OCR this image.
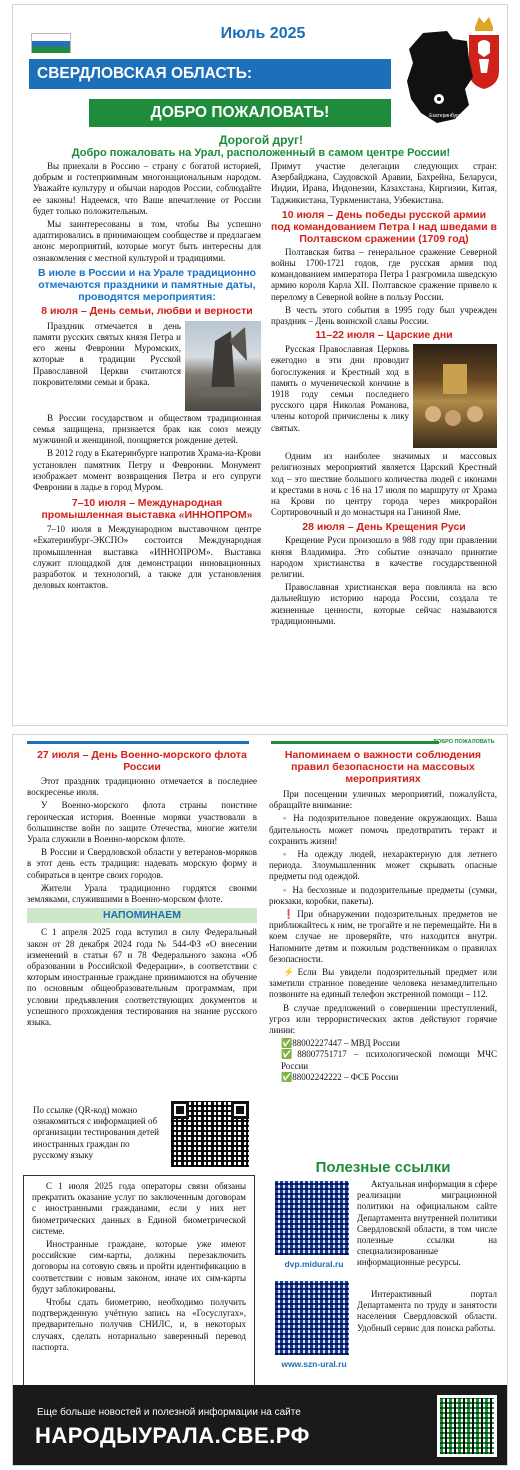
Июль 2025
Екатеринбург
СВЕРДЛОВСКАЯ ОБЛАСТЬ:
ДОБРО ПОЖАЛОВАТЬ!
Дорогой друг!
Добро пожаловать на Урал, расположенный в самом центре России!

Вы приехали в Россию – страну с богатой историей, добрым и гостеприимным многонациональным народом. Уважайте культуру и обычаи народов России, соблюдайте ее законы! Надеемся, что Ваше впечатление от России будет только положительным.

Мы заинтересованы в том, чтобы Вы успешно адаптировались в принимающем сообществе и предлагаем анонс мероприятий, которые могут быть интересны для ознакомления с местной культурой и традициями.

В июле в России и на Урале традиционно отмечаются праздники и памятные даты, проводятся мероприятия:
8 июля – День семьи, любви и верности
Праздник отмечается в день памяти русских святых князя Петра и его жены Февронии Муромских, которые в традиции Русской Православной Церкви считаются покровителями семьи и брака.

В России государством и обществом традиционная семья защищена, признается брак как союз между мужчиной и женщиной, поощряется рождение детей.

В 2012 году в Екатеринбурге напротив Храма-на-Крови установлен памятник Петру и Февронии. Монумент изображает момент возвращения Петра и его супруги Февронии в ладье в город Муром.

7–10 июля – Международная промышленная выставка «ИННОПРОМ»

7–10 июля в Международном выставочном центре «Екатеринбург-ЭКСПО» состоится Международная промышленная выставка «ИННОПРОМ». Выставка служит площадкой для демонстрации инновационных разработок и технологий, а также для установления деловых контактов.

Примут участие делегации следующих стран: Азербайджана, Саудовской Аравии, Бахрейна, Беларуси, Индии, Ирана, Индонезии, Казахстана, Киргизии, Китая, Таджикистана, Туркменистана, Узбекистана.

10 июля – День победы русской армии под командованием Петра I над шведами в Полтавском сражении (1709 год)

Полтавская битва – генеральное сражение Северной войны 1700-1721 годов, где русская армия под командованием императора Петра I разгромила шведскую армию короля Карла XII. Полтавское сражение привело к перелому в Северной войне в пользу России.

В честь этого события в 1995 году был учрежден праздник – День воинской славы России.

11–22 июля – Царские дни
Русская Православная Церковь ежегодно в эти дни проводит богослужения и Крестный ход в память о мученической кончине в 1918 году семьи последнего русского царя Николая Романова, члены которой причислены к лику святых.

Одним из наиболее значимых и массовых религиозных мероприятий является Царский Крестный ход – это шествие большого количества людей с иконами и крестами в ночь с 16 на 17 июля по маршруту от Храма на Крови по центру города через микрорайон Сортировочный и до монастыря на Ганиной Яме.

28 июля – День Крещения Руси

Крещение Руси произошло в 988 году при правлении князя Владимира. Это событие означало принятие народом христианства в качестве государственной религии.

Православная христианская вера повлияла на всю дальнейшую историю народа России, создала те жизненные ценности, которые сейчас называются традиционными.

ДОБРО ПОЖАЛОВАТЬ
27 июля – День Военно-морского флота России

Этот праздник традиционно отмечается в последнее воскресенье июля.

У Военно-морского флота страны поистине героическая история. Военные моряки участвовали в большинстве войн по защите Отечества, многие жители Урала служили в Военно-морском флоте.

В России и Свердловской области у ветеранов-моряков в этот день есть традиция: надевать морскую форму и собираться в центре своих городов.

Жители Урала традиционно гордятся своими земляками, служившими в Военно-морском флоте.

НАПОМИНАЕМ

С 1 апреля 2025 года вступил в силу Федеральный закон от 28 декабря 2024 года № 544-ФЗ «О внесении изменений в статьи 67 и 78 Федерального закона «Об образовании в Российской Федерации», в соответствии с которым иностранные граждане принимаются на обучение по основным общеобразовательным программам, при условии предъявления соответствующих документов и успешного прохождения тестирования на знание русского языка.

По ссылке (QR-код) можно ознакомиться с информацией об организации тестирования детей иностранных граждан по русскому языку

С 1 июля 2025 года операторы связи обязаны прекратить оказание услуг по заключенным договорам с иностранными гражданами, если у них нет биометрических данных в Единой биометрической системе.

Иностранные граждане, которые уже имеют российские сим-карты, должны перезаключить договоры на сотовую связь и пройти идентификацию в соответствии с новым законом, иначе их сим-карты будут заблокированы.

Чтобы сдать биометрию, необходимо получить подтвержденную учётную запись на «Госуслугах», предварительно получив СНИЛС, и, в некоторых случаях, сделать нотариально заверенный перевод паспорта.

Напоминаем о важности соблюдения правил безопасности на массовых мероприятиях

При посещении уличных мероприятий, пожалуйста, обращайте внимание:

◦ На подозрительное поведение окружающих. Ваша бдительность может помочь предотвратить теракт и сохранить жизни!

◦ На одежду людей, нехарактерную для летнего периода. Злоумышленник может скрывать опасные предметы под одеждой.

◦ На бесхозные и подозрительные предметы (сумки, рюкзаки, коробки, пакеты).

❗При обнаружении подозрительных предметов не приближайтесь к ним, не трогайте и не перемещайте. Ни в коем случае не проверяйте, что находится внутри. Напомните детям и пожилым родственникам о правилах безопасности.

⚡Если Вы увидели подозрительный предмет или заметили странное поведение человека незамедлительно позвоните на единый телефон экстренной помощи – 112.

В случае предложений о совершении преступлений, угроз или террористических актов действуют горячие линии:

✅88002227447 – МВД России
✅88007751717 – психологической помощи МЧС России
✅88002242222 – ФСБ России
Полезные ссылки
dvp.midural.ru
Актуальная информация в сфере реализации миграционной политики на официальном сайте Департамента внутренней политики Свердловской области, в том числе полезные ссылки на специализированные информационные ресурсы.
www.szn-ural.ru
Интерактивный портал Департамента по труду и занятости населения Свердловской области. Удобный сервис для поиска работы.
Еще больше новостей и полезной информации на сайте
НАРОДЫУРАЛА.СВЕ.РФ
